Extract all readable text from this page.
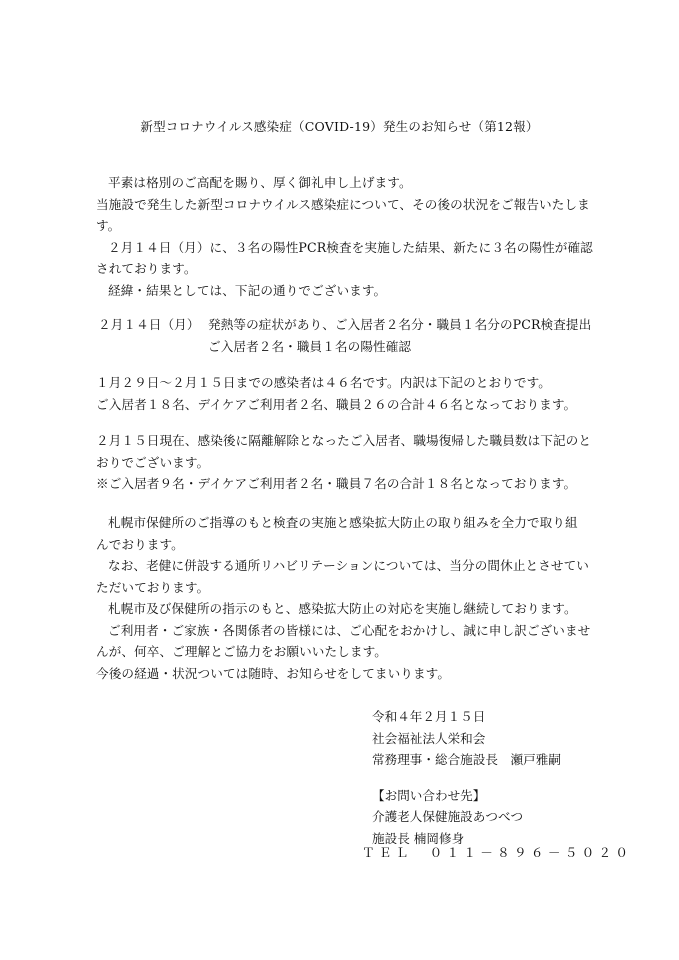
新型コロナウイルス感染症（COVID-19）発生のお知らせ（第12報）
平素は格別のご高配を賜り、厚く御礼申し上げます。
当施設で発生した新型コロナウイルス感染症について、その後の状況をご報告いたしま
す。
２月１４日（月）に、３名の陽性PCR検査を実施した結果、新たに３名の陽性が確認
されております。
経緯・結果としては、下記の通りでございます。
２月１４日（月） 発熱等の症状があり、ご入居者２名分・職員１名分のPCR検査提出
ご入居者２名・職員１名の陽性確認
１月２９日～２月１５日までの感染者は４６名です。内訳は下記のとおりです。
ご入居者１８名、デイケアご利用者２名、職員２６の合計４６名となっております。
２月１５日現在、感染後に隔離解除となったご入居者、職場復帰した職員数は下記のと
おりでございます。
※ご入居者９名・デイケアご利用者２名・職員７名の合計１８名となっております。
札幌市保健所のご指導のもと検査の実施と感染拡大防止の取り組みを全力で取り組
んでおります。
なお、老健に併設する通所リハビリテーションについては、当分の間休止とさせてい
ただいております。
札幌市及び保健所の指示のもと、感染拡大防止の対応を実施し継続しております。
ご利用者・ご家族・各関係者の皆様には、ご心配をおかけし、誠に申し訳ございませ
んが、何卒、ご理解とご協力をお願いいたします。
今後の経過・状況ついては随時、お知らせをしてまいります。
令和４年２月１５日
社会福祉法人栄和会
常務理事・総合施設長　瀬戸雅嗣
【お問い合わせ先】
介護老人保健施設あつべつ
施設長 楠岡修身
ＴＥＬ　０１１－８９６－５０２０
